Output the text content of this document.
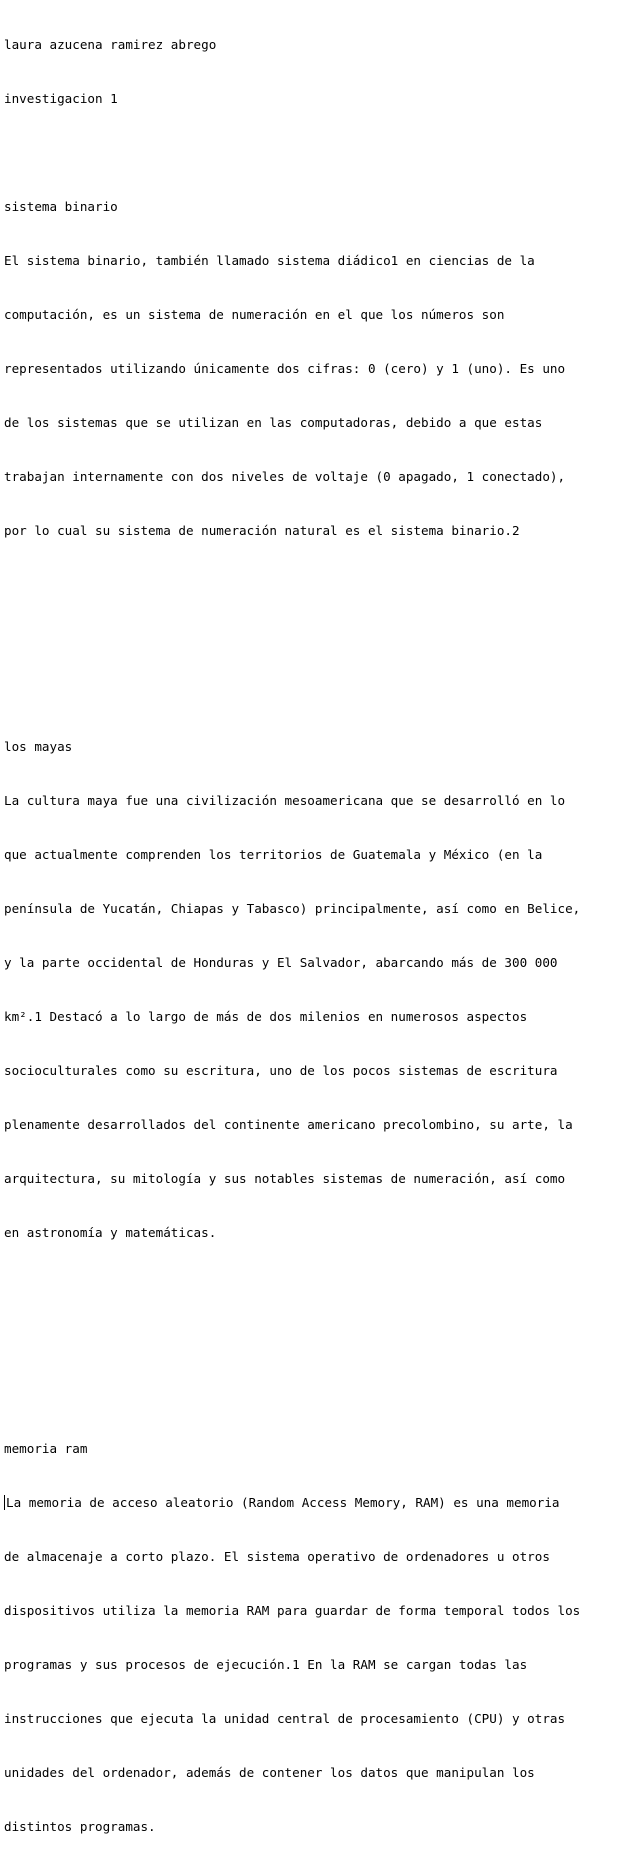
laura azucena ramirez abrego

investigacion 1

sistema binario

El sistema binario, también llamado sistema diádico1 en ciencias de la

computación, es un sistema de numeración en el que los números son

representados utilizando únicamente dos cifras: 0 (cero) y 1 (uno). Es uno

de los sistemas que se utilizan en las computadoras, debido a que estas

trabajan internamente con dos niveles de voltaje (0 apagado, 1 conectado),

por lo cual su sistema de numeración natural es el sistema binario.2

los mayas

La cultura maya fue una civilización mesoamericana que se desarrolló en lo

que actualmente comprenden los territorios de Guatemala y México (en la

península de Yucatán, Chiapas y Tabasco) principalmente, así como en Belice,

y la parte occidental de Honduras y El Salvador, abarcando más de 300 000

km².1 Destacó a lo largo de más de dos milenios en numerosos aspectos

socioculturales como su escritura, uno de los pocos sistemas de escritura

plenamente desarrollados del continente americano precolombino, su arte, la

arquitectura, su mitología y sus notables sistemas de numeración, así como

en astronomía y matemáticas.

memoria ram

La memoria de acceso aleatorio (Random Access Memory, RAM) es una memoria

de almacenaje a corto plazo. El sistema operativo de ordenadores u otros

dispositivos utiliza la memoria RAM para guardar de forma temporal todos los

programas y sus procesos de ejecución.1 En la RAM se cargan todas las

instrucciones que ejecuta la unidad central de procesamiento (CPU) y otras

unidades del ordenador, además de contener los datos que manipulan los

distintos programas.
